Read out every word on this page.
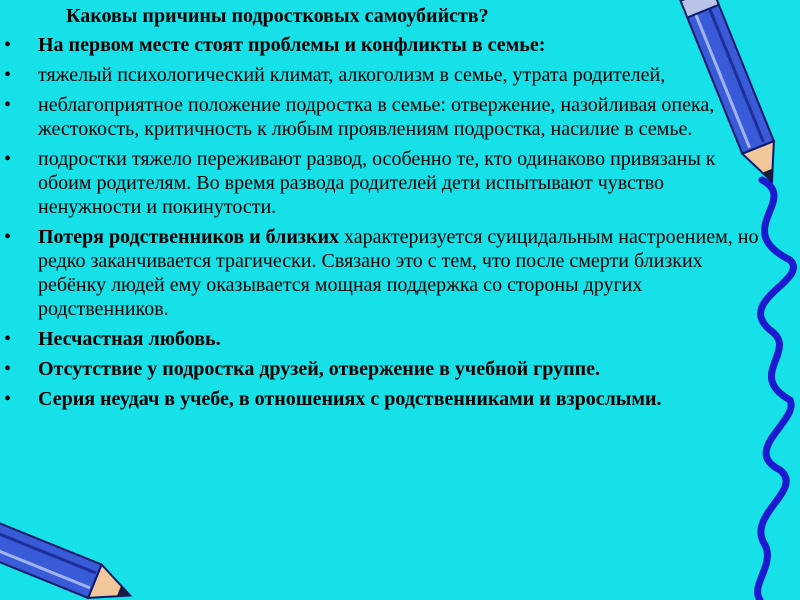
Каковы причины подростковых самоубийств?
• На первом месте стоят проблемы и конфликты в семье:
• тяжелый психологический климат, алкоголизм в семье, утрата родителей,
• неблагоприятное положение подростка в семье: отвержение, назойливая опека, жестокость, критичность к любым проявлениям подростка, насилие в семье.
• подростки тяжело переживают развод, особенно те, кто одинаково привязаны к обоим родителям. Во время развода родителей дети испытывают чувство ненужности и покинутости.
• Потеря родственников и близких характеризуется суицидальным настроением, но редко заканчивается трагически. Связано это с тем, что после смерти близких ребёнку людей ему оказывается мощная поддержка со стороны других родственников.
• Несчастная любовь.
• Отсутствие у подростка друзей, отвержение в учебной группе.
• Серия неудач в учебе, в отношениях с родственниками и взрослыми.
